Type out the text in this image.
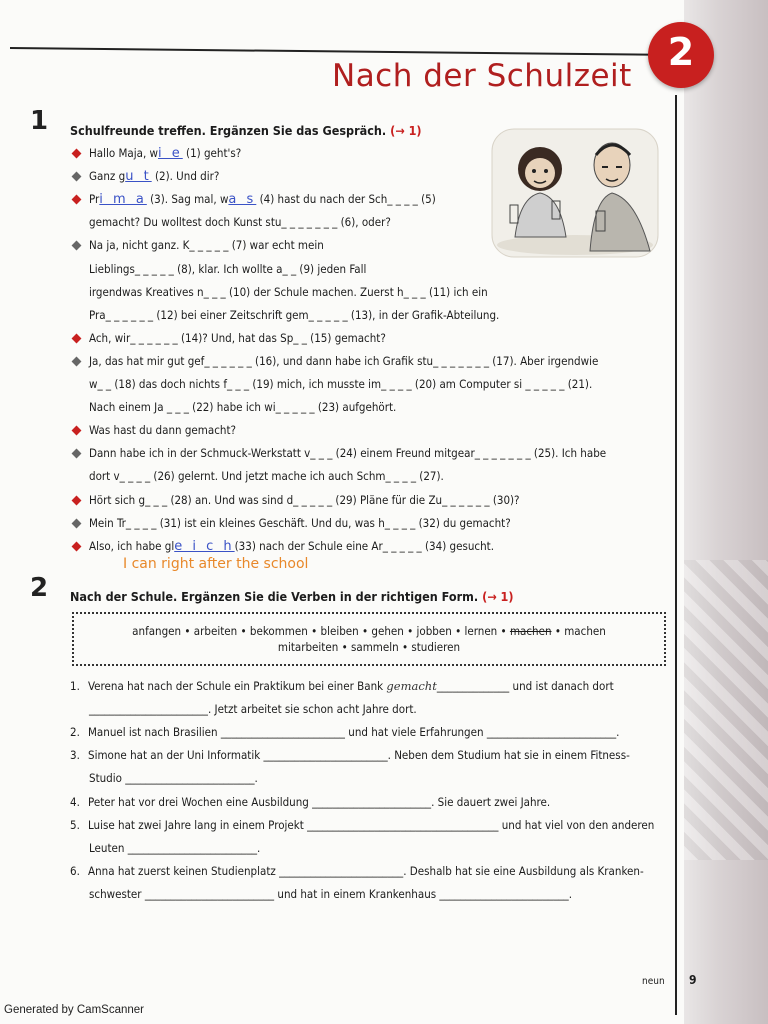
2
Nach der Schulzeit
1 Schulfreunde treffen. Ergänzen Sie das Gespräch. (→ 1)
Hallo Maja, wi e (1) geht's?
Ganz gu t (2). Und dir?
Pri m a (3). Sag mal, wa s (4) hast du nach der Sch_ _ _ _ (5)
gemacht? Du wolltest doch Kunst stu_ _ _ _ _ _ _ (6), oder?
Na ja, nicht ganz. K_ _ _ _ _ (7) war echt mein
Lieblings_ _ _ _ _ (8), klar. Ich wollte a_ _ (9) jeden Fall
irgendwas Kreatives n_ _ _ (10) der Schule machen. Zuerst h_ _ _ (11) ich ein
Pra_ _ _ _ _ _ (12) bei einer Zeitschrift gem_ _ _ _ _ (13), in der Grafik-Abteilung.
Ach, wir_ _ _ _ _ _ (14)? Und, hat das Sp_ _ (15) gemacht?
Ja, das hat mir gut gef_ _ _ _ _ _ (16), und dann habe ich Grafik stu_ _ _ _ _ _ _ (17). Aber irgendwie
w_ _ (18) das doch nichts f_ _ _ (19) mich, ich musste im_ _ _ _ (20) am Computer si _ _ _ _ _ (21).
Nach einem Ja _ _ _ (22) habe ich wi_ _ _ _ _ (23) aufgehört.
Was hast du dann gemacht?
Dann habe ich in der Schmuck-Werkstatt v_ _ _ (24) einem Freund mitgear_ _ _ _ _ _ _ (25). Ich habe
dort v_ _ _ _ (26) gelernt. Und jetzt mache ich auch Schm_ _ _ _ (27).
Hört sich g_ _ _ (28) an. Und was sind d_ _ _ _ _ (29) Pläne für die Zu_ _ _ _ _ _ (30)?
Mein Tr_ _ _ _ (31) ist ein kleines Geschäft. Und du, was h_ _ _ _ (32) du gemacht?
Also, ich habe gle i c h(33) nach der Schule eine Ar_ _ _ _ _ (34) gesucht.
I can right after the school
2 Nach der Schule. Ergänzen Sie die Verben in der richtigen Form. (→ 1)
anfangen • arbeiten • bekommen • bleiben • gehen • jobben • lernen • machen • machen
mitarbeiten • sammeln • studieren
1. Verena hat nach der Schule ein Praktikum bei einer Bank gemacht______________ und ist danach dort
_______________________. Jetzt arbeitet sie schon acht Jahre dort.
2. Manuel ist nach Brasilien ________________________ und hat viele Erfahrungen _________________________.
3. Simone hat an der Uni Informatik ________________________. Neben dem Studium hat sie in einem Fitness-
Studio _________________________.
4. Peter hat vor drei Wochen eine Ausbildung _______________________. Sie dauert zwei Jahre.
5. Luise hat zwei Jahre lang in einem Projekt _____________________________________ und hat viel von den anderen
Leuten _________________________.
6. Anna hat zuerst keinen Studienplatz ________________________. Deshalb hat sie eine Ausbildung als Kranken-
schwester _________________________ und hat in einem Krankenhaus _________________________.
neun 9
Generated by CamScanner
